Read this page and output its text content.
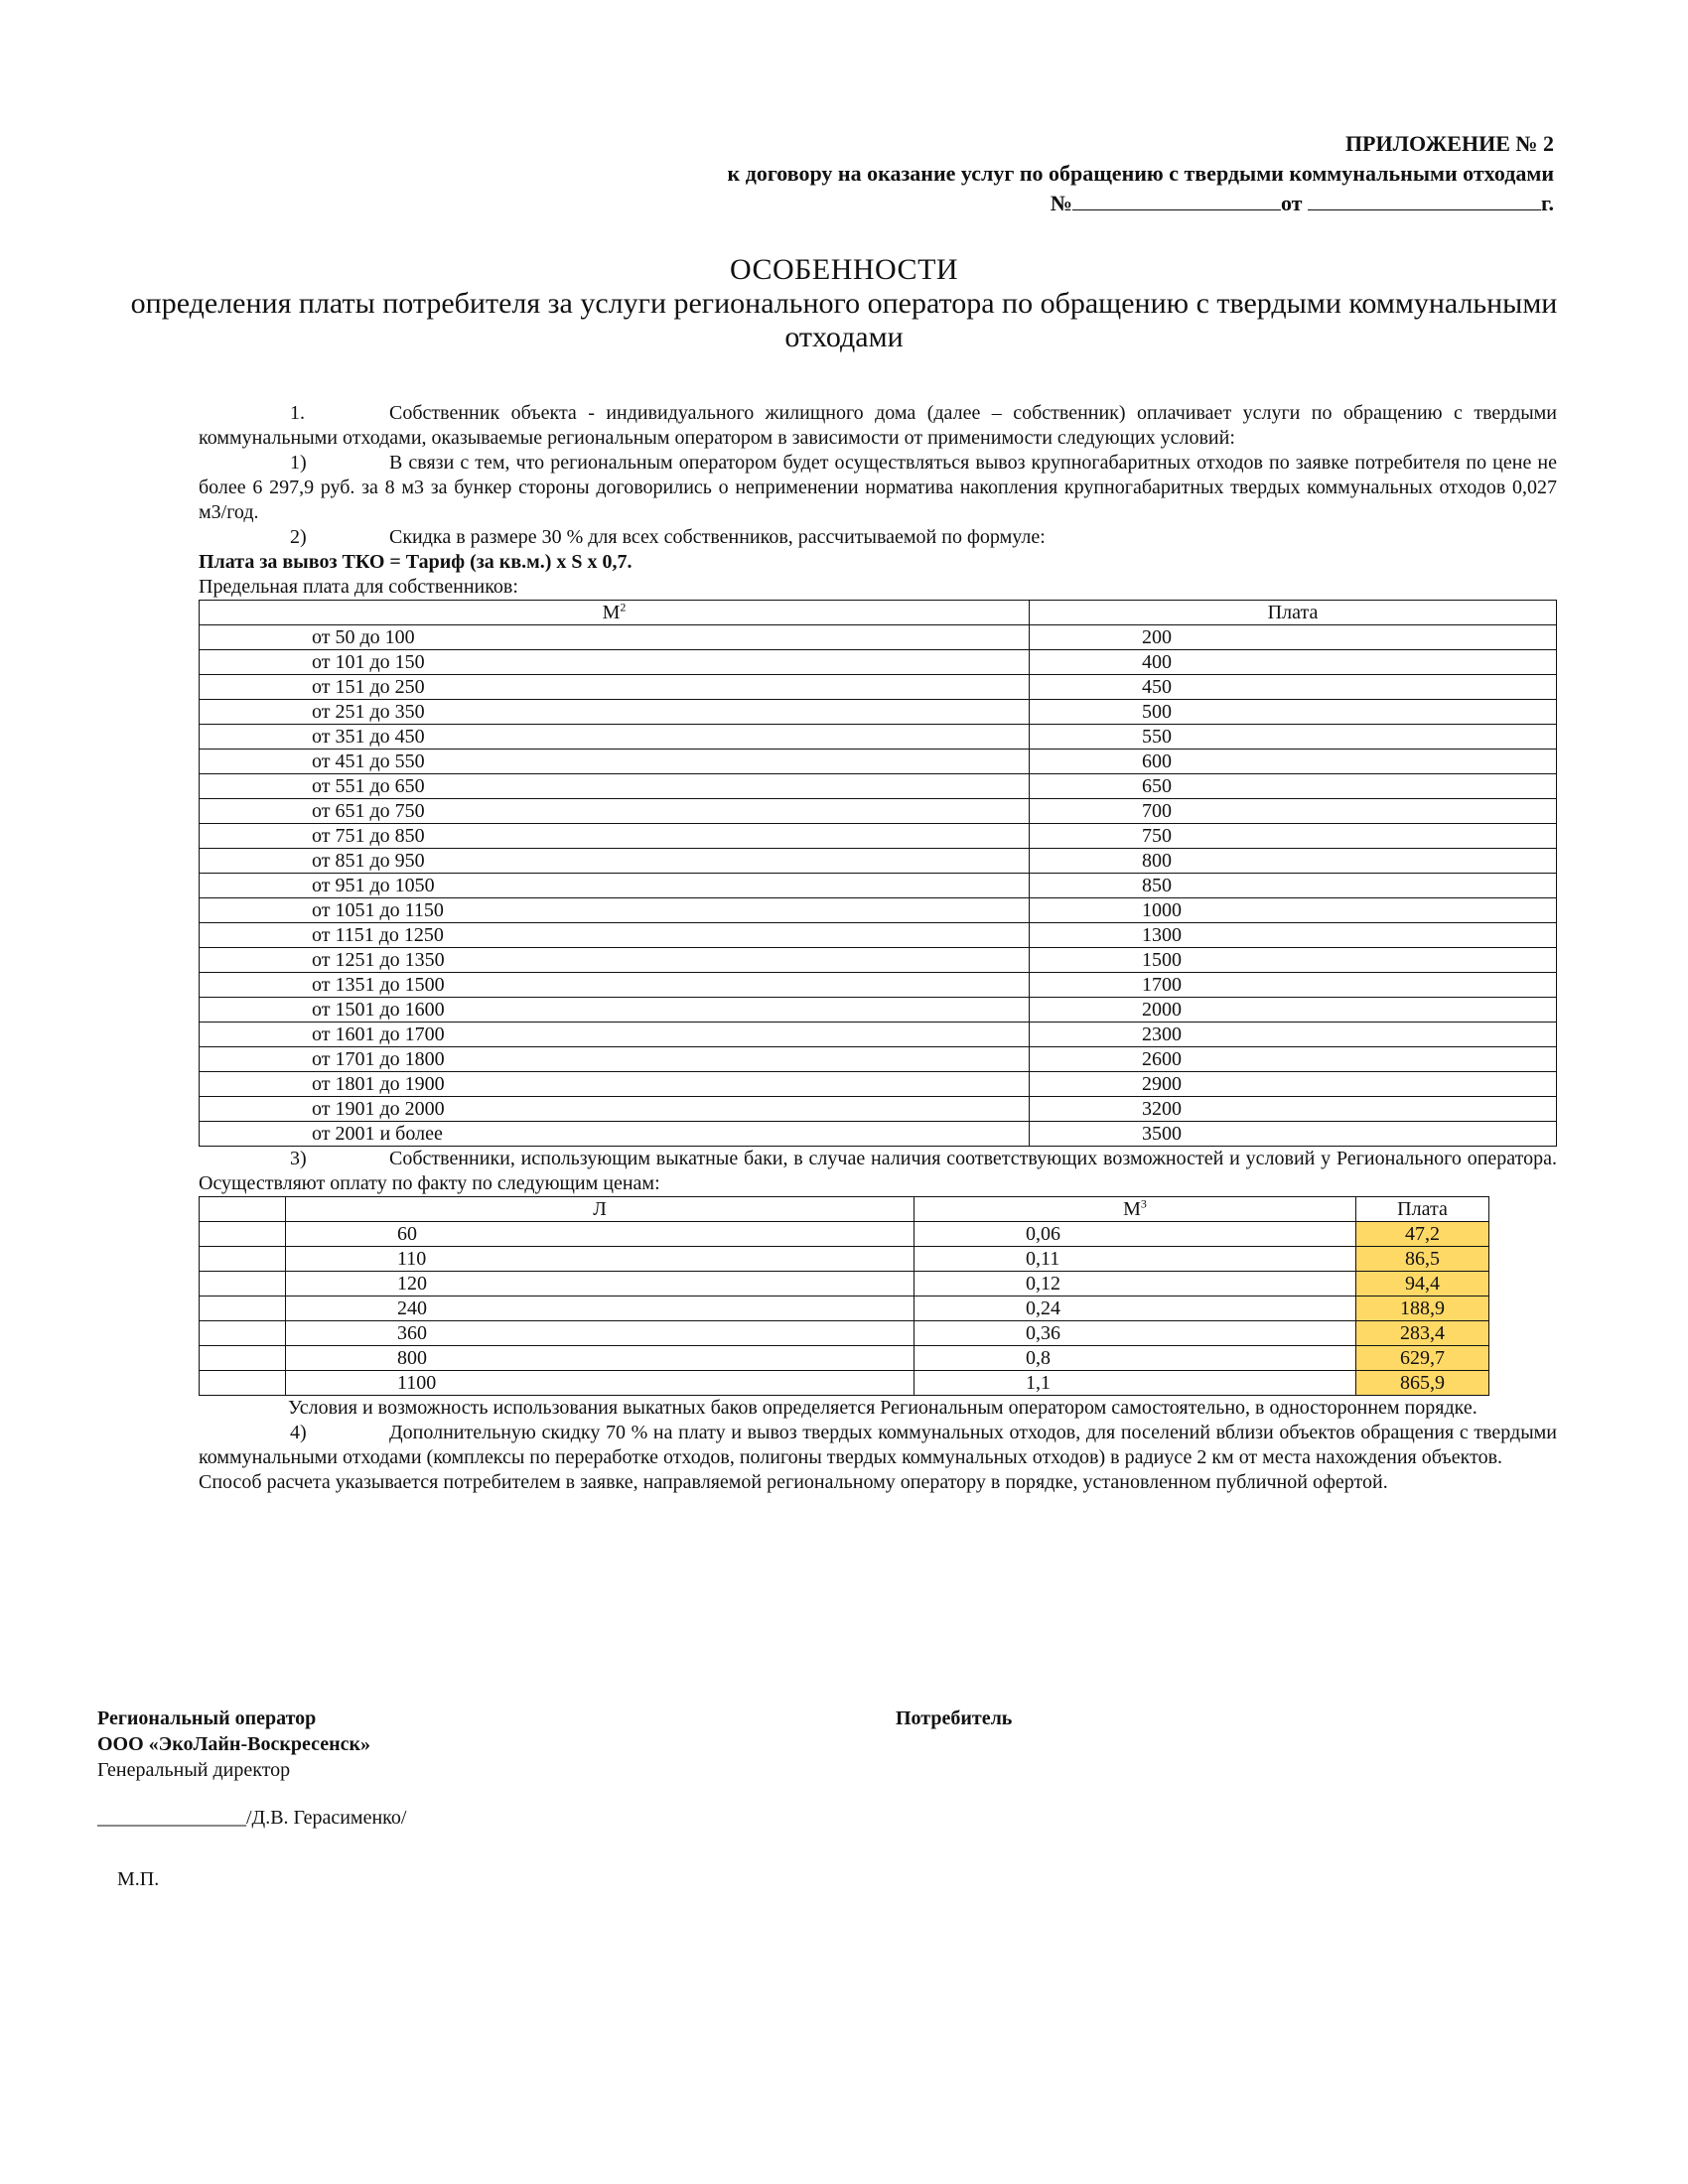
ПРИЛОЖЕНИЕ № 2
к договору на оказание услуг по обращению с твердыми коммунальными отходами
№	от	г.
ОСОБЕННОСТИ
определения платы потребителя за услуги регионального оператора по обращению с твердыми коммунальными отходами

1.	Собственник объекта - индивидуального жилищного дома (далее – собственник) оплачивает услуги по обращению с твердыми коммунальными отходами, оказываемые региональным оператором в зависимости от применимости следующих условий:

1)	В связи с тем, что региональным оператором будет осуществляться вывоз крупногабаритных отходов по заявке потребителя по цене не более 6 297,9 руб. за 8 м3 за бункер стороны договорились о неприменении норматива накопления крупногабаритных твердых коммунальных отходов 0,027 м3/год.

2)	Скидка в размере 30 % для всех собственников, рассчитываемой по формуле:

Плата за вывоз ТКО = Тариф (за кв.м.) х S х 0,7.

Предельная плата для собственников:

$М^2$	Плата
от 50 до 100	200
от 101 до 150	400
от 151 до 250	450
от 251 до 350	500
от 351 до 450	550
от 451 до 550	600
от 551 до 650	650
от 651 до 750	700
от 751 до 850	750
от 851 до 950	800
от 951 до 1050	850
от 1051 до 1150	1000
от 1151 до 1250	1300
от 1251 до 1350	1500
от 1351 до 1500	1700
от 1501 до 1600	2000
от 1601 до 1700	2300
от 1701 до 1800	2600
от 1801 до 1900	2900
от 1901 до 2000	3200
от 2001 и более	3500

3)	Собственники, использующим выкатные баки, в случае наличия соответствующих возможностей и условий у Регионального оператора. Осуществляют оплату по факту по следующим ценам:

	Л	$М^3$	Плата
	60	0,06	47,2
	110	0,11	86,5
	120	0,12	94,4
	240	0,24	188,9
	360	0,36	283,4
	800	0,8	629,7
	1100	1,1	865,9

Условия и возможность использования выкатных баков определяется Региональным оператором самостоятельно, в одностороннем порядке.

4)	Дополнительную скидку 70 % на плату и вывоз твердых коммунальных отходов, для поселений вблизи объектов обращения с твердыми коммунальными отходами (комплексы по переработке отходов, полигоны твердых коммунальных отходов) в радиусе 2 км от места нахождения объектов.

Способ расчета указывается потребителем в заявке, направляемой региональному оператору в порядке, установленном публичной офертой.

Региональный оператор
ООО «ЭкоЛайн-Воскресенск»
Генеральный директор
_______________/Д.В. Герасименко/
М.П.
Потребитель
